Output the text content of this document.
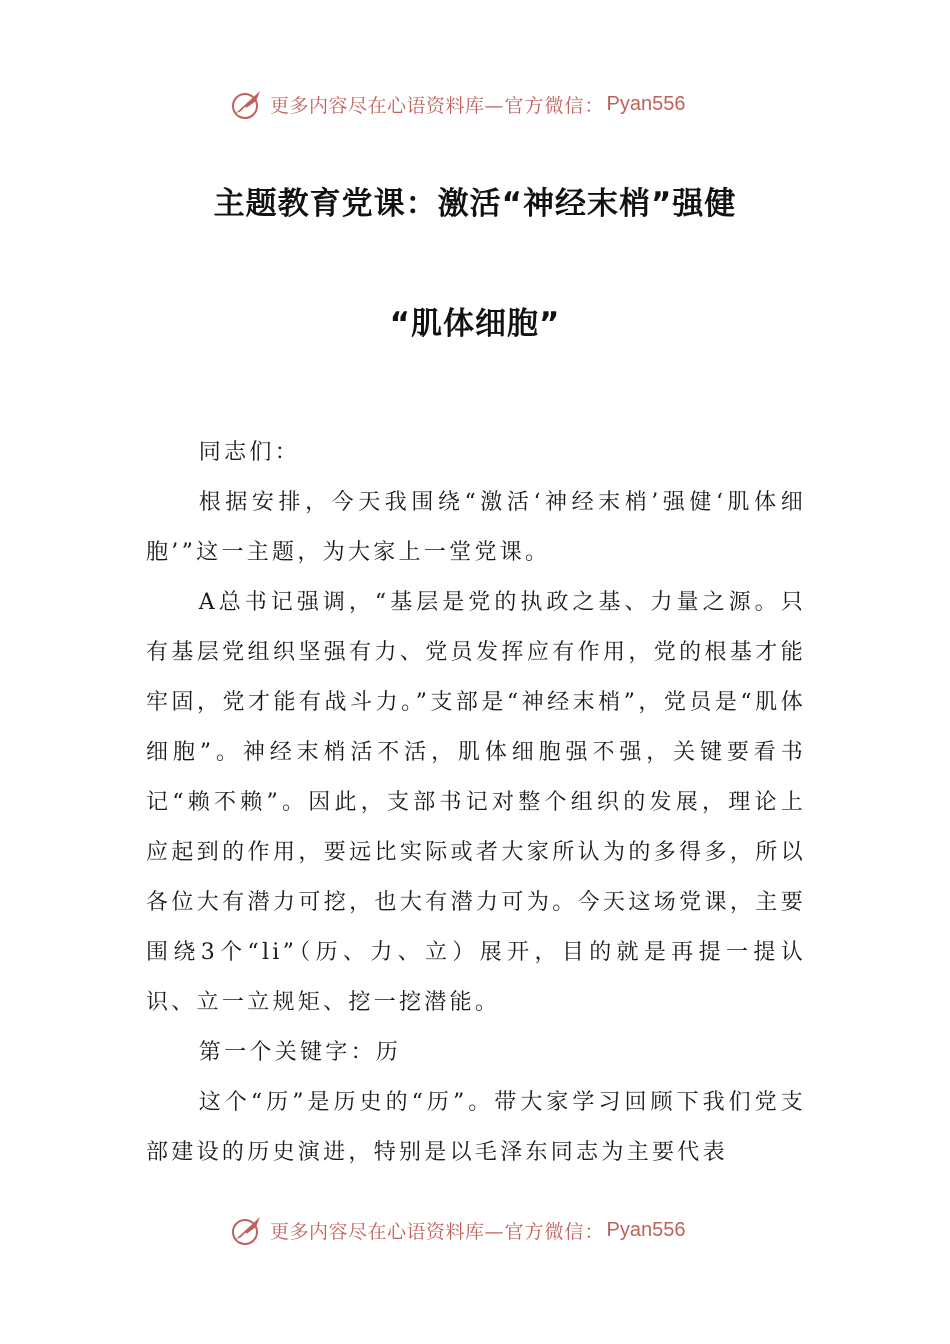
更多内容尽在心语资料库 —官方微信： Pyan556
主题教育党课：激活“神经末梢”强健
“肌体细胞”

同志们：

根据安排，今天我围绕“激活‘神经末梢’强健‘肌体细胞’”这一主题，为大家上一堂党课。

A总书记强调，“基层是党的执政之基、力量之源。只有基层党组织坚强有力、党员发挥应有作用，党的根基才能牢固，党才能有战斗力。”支部是“神经末梢”，党员是“肌体细胞”。神经末梢活不活，肌体细胞强不强，关键要看书记“赖不赖”。因此，支部书记对整个组织的发展，理论上应起到的作用，要远比实际或者大家所认为的多得多，所以各位大有潜力可挖，也大有潜力可为。今天这场党课，主要围绕3个“li”（历、力、立）展开，目的就是再提一提认识、立一立规矩、挖一挖潜能。

第一个关键字：历

这个“历”是历史的“历”。带大家学习回顾下我们党支部建设的历史演进，特别是以毛泽东同志为主要代表

更多内容尽在心语资料库 —官方微信： Pyan556
